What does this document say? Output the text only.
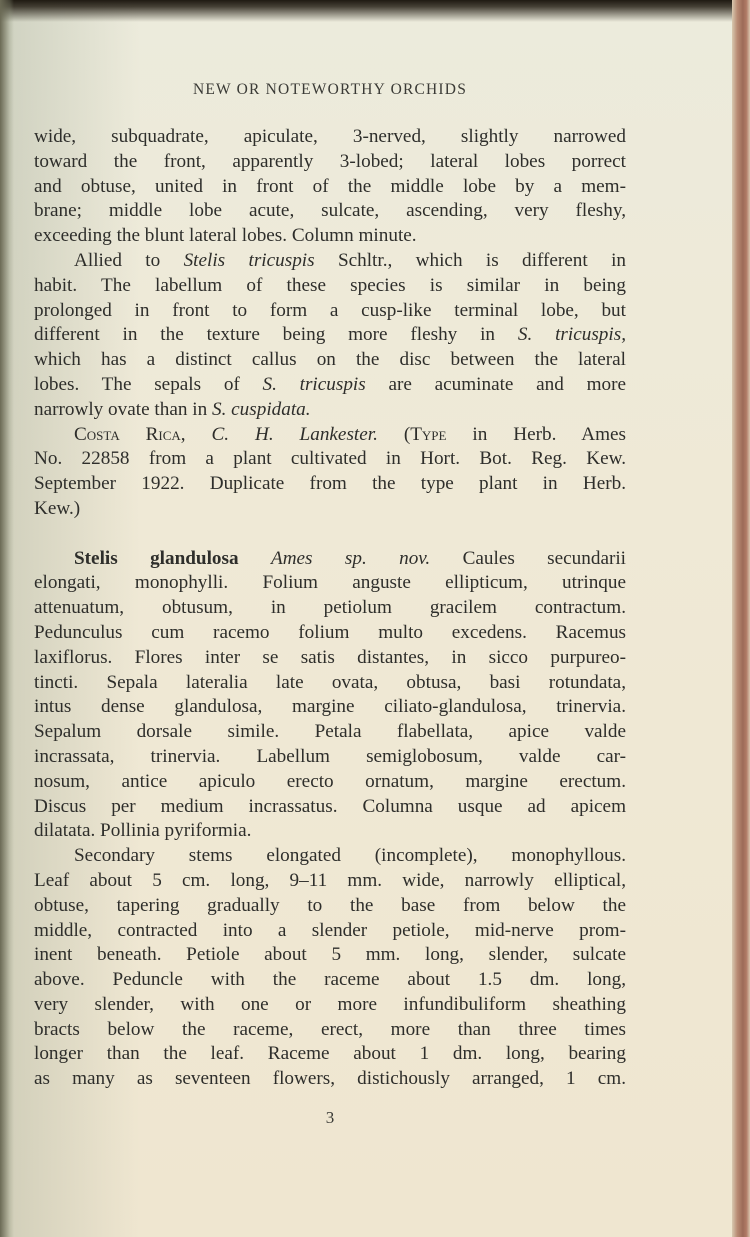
NEW OR NOTEWORTHY ORCHIDS
wide, subquadrate, apiculate, 3-nerved, slightly narrowed
toward the front, apparently 3-lobed; lateral lobes porrect
and obtuse, united in front of the middle lobe by a mem-
brane; middle lobe acute, sulcate, ascending, very fleshy,
exceeding the blunt lateral lobes. Column minute.
Allied to Stelis tricuspis Schltr., which is different in
habit. The labellum of these species is similar in being
prolonged in front to form a cusp-like terminal lobe, but
different in the texture being more fleshy in S. tricuspis,
which has a distinct callus on the disc between the lateral
lobes. The sepals of S. tricuspis are acuminate and more
narrowly ovate than in S. cuspidata.
Costa Rica, C. H. Lankester. (Type in Herb. Ames
No. 22858 from a plant cultivated in Hort. Bot. Reg. Kew.
September 1922. Duplicate from the type plant in Herb.
Kew.)
Stelis glandulosa Ames sp. nov. Caules secundarii
elongati, monophylli. Folium anguste ellipticum, utrinque
attenuatum, obtusum, in petiolum gracilem contractum.
Pedunculus cum racemo folium multo excedens. Racemus
laxiflorus. Flores inter se satis distantes, in sicco purpureo-
tincti. Sepala lateralia late ovata, obtusa, basi rotundata,
intus dense glandulosa, margine ciliato-glandulosa, trinervia.
Sepalum dorsale simile. Petala flabellata, apice valde
incrassata, trinervia. Labellum semiglobosum, valde car-
nosum, antice apiculo erecto ornatum, margine erectum.
Discus per medium incrassatus. Columna usque ad apicem
dilatata. Pollinia pyriformia.
Secondary stems elongated (incomplete), monophyllous.
Leaf about 5 cm. long, 9–11 mm. wide, narrowly elliptical,
obtuse, tapering gradually to the base from below the
middle, contracted into a slender petiole, mid-nerve prom-
inent beneath. Petiole about 5 mm. long, slender, sulcate
above. Peduncle with the raceme about 1.5 dm. long,
very slender, with one or more infundibuliform sheathing
bracts below the raceme, erect, more than three times
longer than the leaf. Raceme about 1 dm. long, bearing
as many as seventeen flowers, distichously arranged, 1 cm.
3
